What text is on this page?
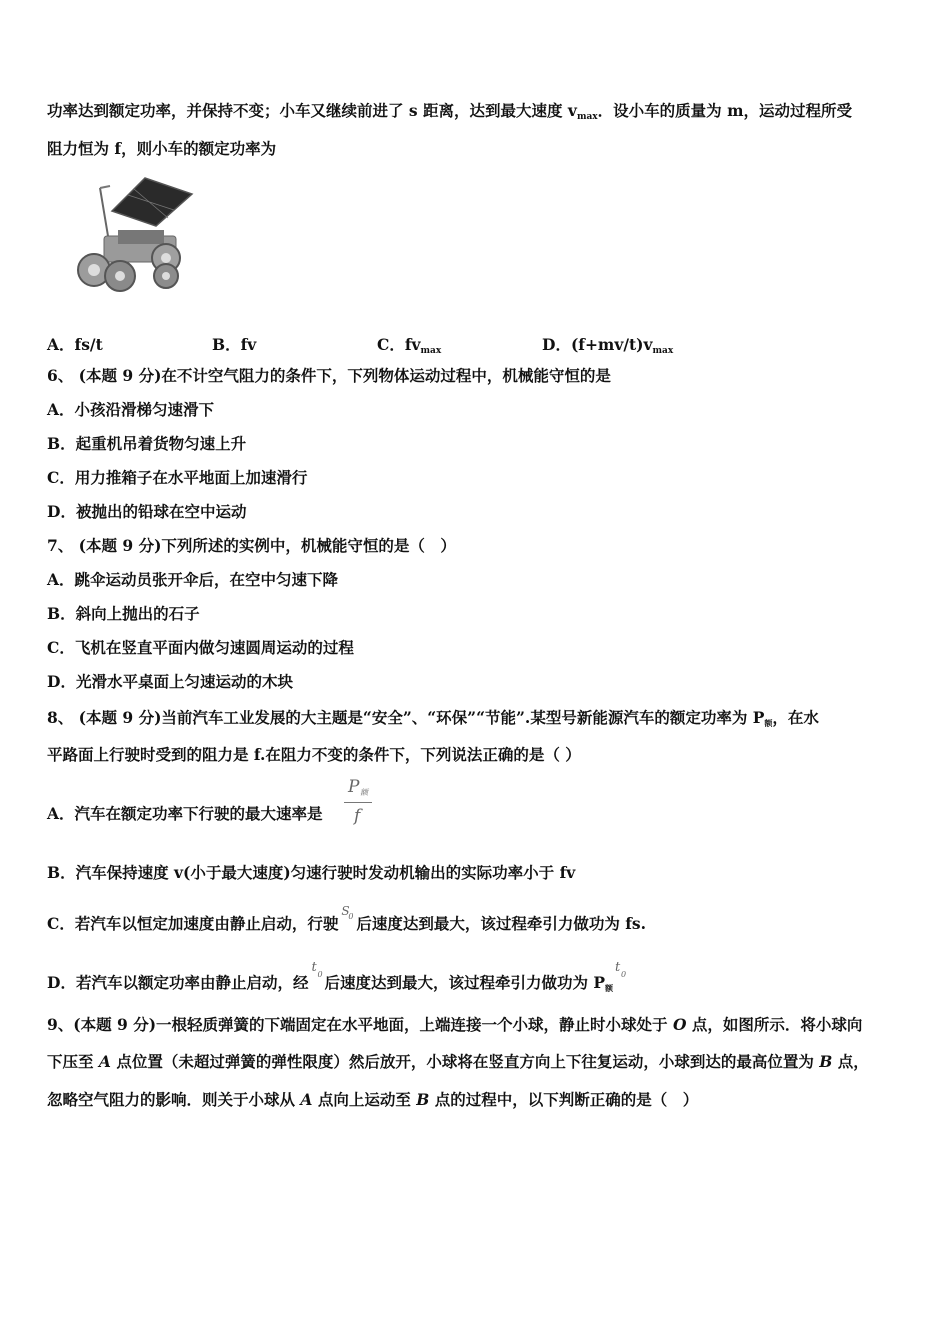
功率达到额定功率，并保持不变；小车又继续前进了 s 距离，达到最大速度 $v_{max}$．设小车的质量为 m，运动过程所受
阻力恒为 f，则小车的额定功率为
A．fs/t	B．fv	C．$fv_{max}$	D．$(f+mv/t)v_{max}$
6、 (本题 9 分)在不计空气阻力的条件下，下列物体运动过程中，机械能守恒的是
A．小孩沿滑梯匀速滑下
B．起重机吊着货物匀速上升
C．用力推箱子在水平地面上加速滑行
D．被抛出的铅球在空中运动
7、 (本题 9 分)下列所述的实例中，机械能守恒的是（　）
A．跳伞运动员张开伞后，在空中匀速下降
B．斜向上抛出的石子
C．飞机在竖直平面内做匀速圆周运动的过程
D．光滑水平桌面上匀速运动的木块
8、 (本题 9 分)当前汽车工业发展的大主题是“安全”、“环保”“节能”.某型号新能源汽车的额定功率为 P额，在水
平路面上行驶时受到的阻力是 f.在阻力不变的条件下，下列说法正确的是（ ）
A．汽车在额定功率下行驶的最大速率是
P 额
f
B．汽车保持速度 v(小于最大速度)匀速行驶时发动机输出的实际功率小于 fv
C．若汽车以恒定加速度由静止启动，行驶
S
0 后速度达到最大，该过程牵引力做功为 fs.
D．若汽车以额定功率由静止启动，经
t 0 后速度达到最大，该过程牵引力做功为 P额
t 0
9、(本题 9 分)一根轻质弹簧的下端固定在水平地面，上端连接一个小球，静止时小球处于 O 点，如图所示．将小球向
下压至 A 点位置（未超过弹簧的弹性限度）然后放开，小球将在竖直方向上下往复运动，小球到达的最高位置为 B 点，
忽略空气阻力的影响．则关于小球从 A 点向上运动至 B 点的过程中，以下判断正确的是（　）
